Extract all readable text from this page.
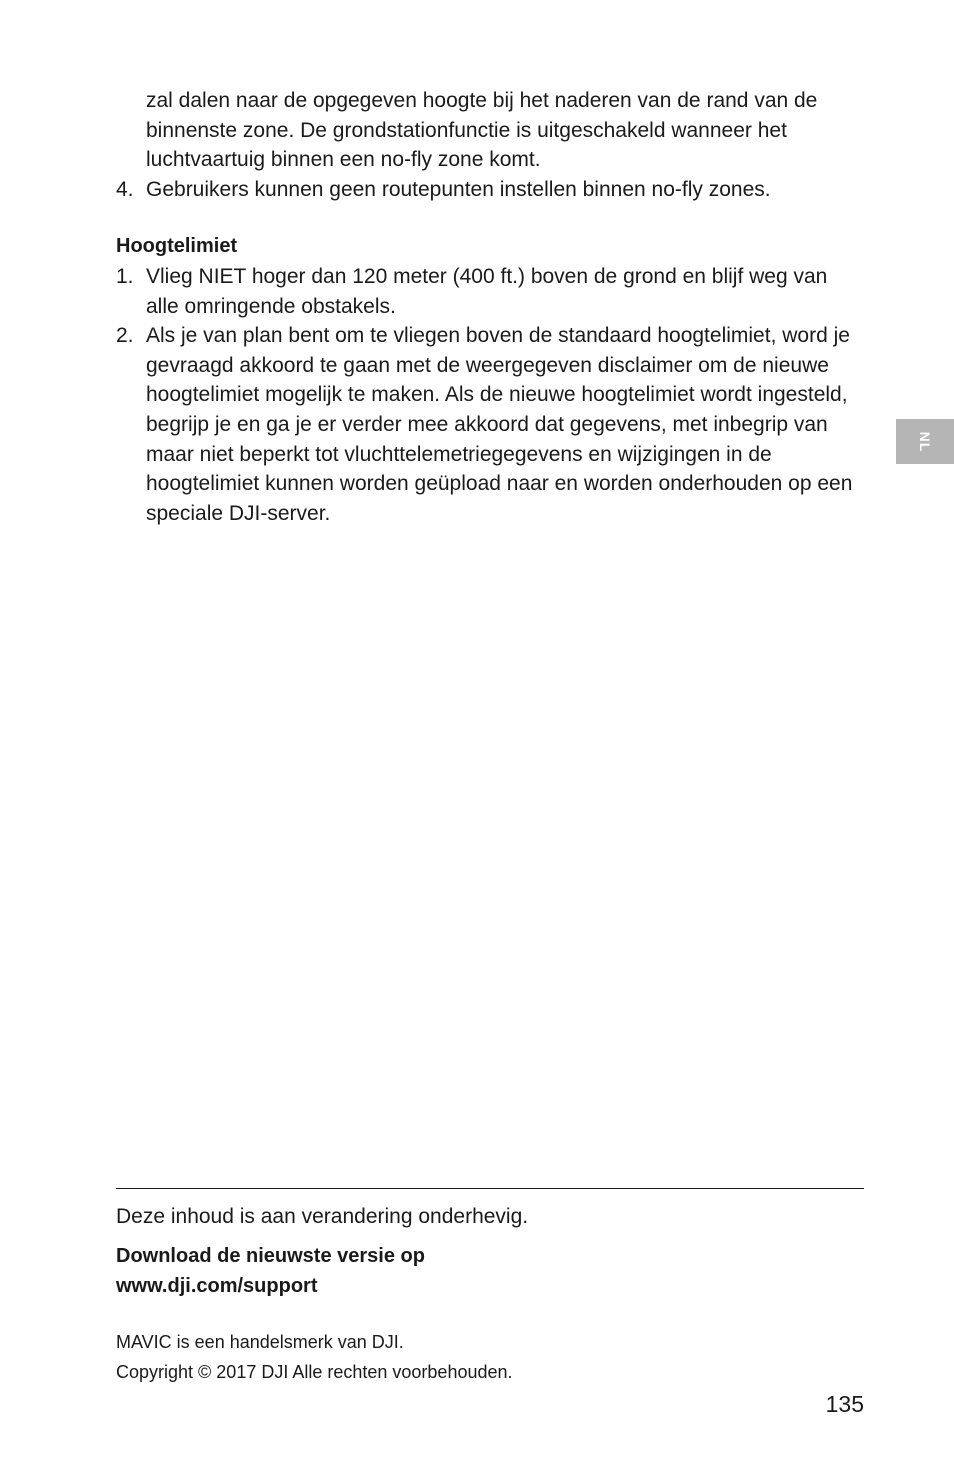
zal dalen naar de opgegeven hoogte bij het naderen van de rand van de binnenste zone. De grondstationfunctie is uitgeschakeld wanneer het luchtvaartuig binnen een no-fly zone komt.
4. Gebruikers kunnen geen routepunten instellen binnen no-fly zones.
Hoogtelimiet
1. Vlieg NIET hoger dan 120 meter (400 ft.) boven de grond en blijf weg van alle omringende obstakels.
2. Als je van plan bent om te vliegen boven de standaard hoogtelimiet, word je gevraagd akkoord te gaan met de weergegeven disclaimer om de nieuwe hoogtelimiet mogelijk te maken. Als de nieuwe hoogtelimiet wordt ingesteld, begrijp je en ga je er verder mee akkoord dat gegevens, met inbegrip van maar niet beperkt tot vluchttelemetriegegevens en wijzigingen in de hoogtelimiet kunnen worden geüpload naar en worden onderhouden op een speciale DJI-server.
NL
Deze inhoud is aan verandering onderhevig.
Download de nieuwste versie op
www.dji.com/support
MAVIC is een handelsmerk van DJI.
Copyright © 2017 DJI Alle rechten voorbehouden.
135
